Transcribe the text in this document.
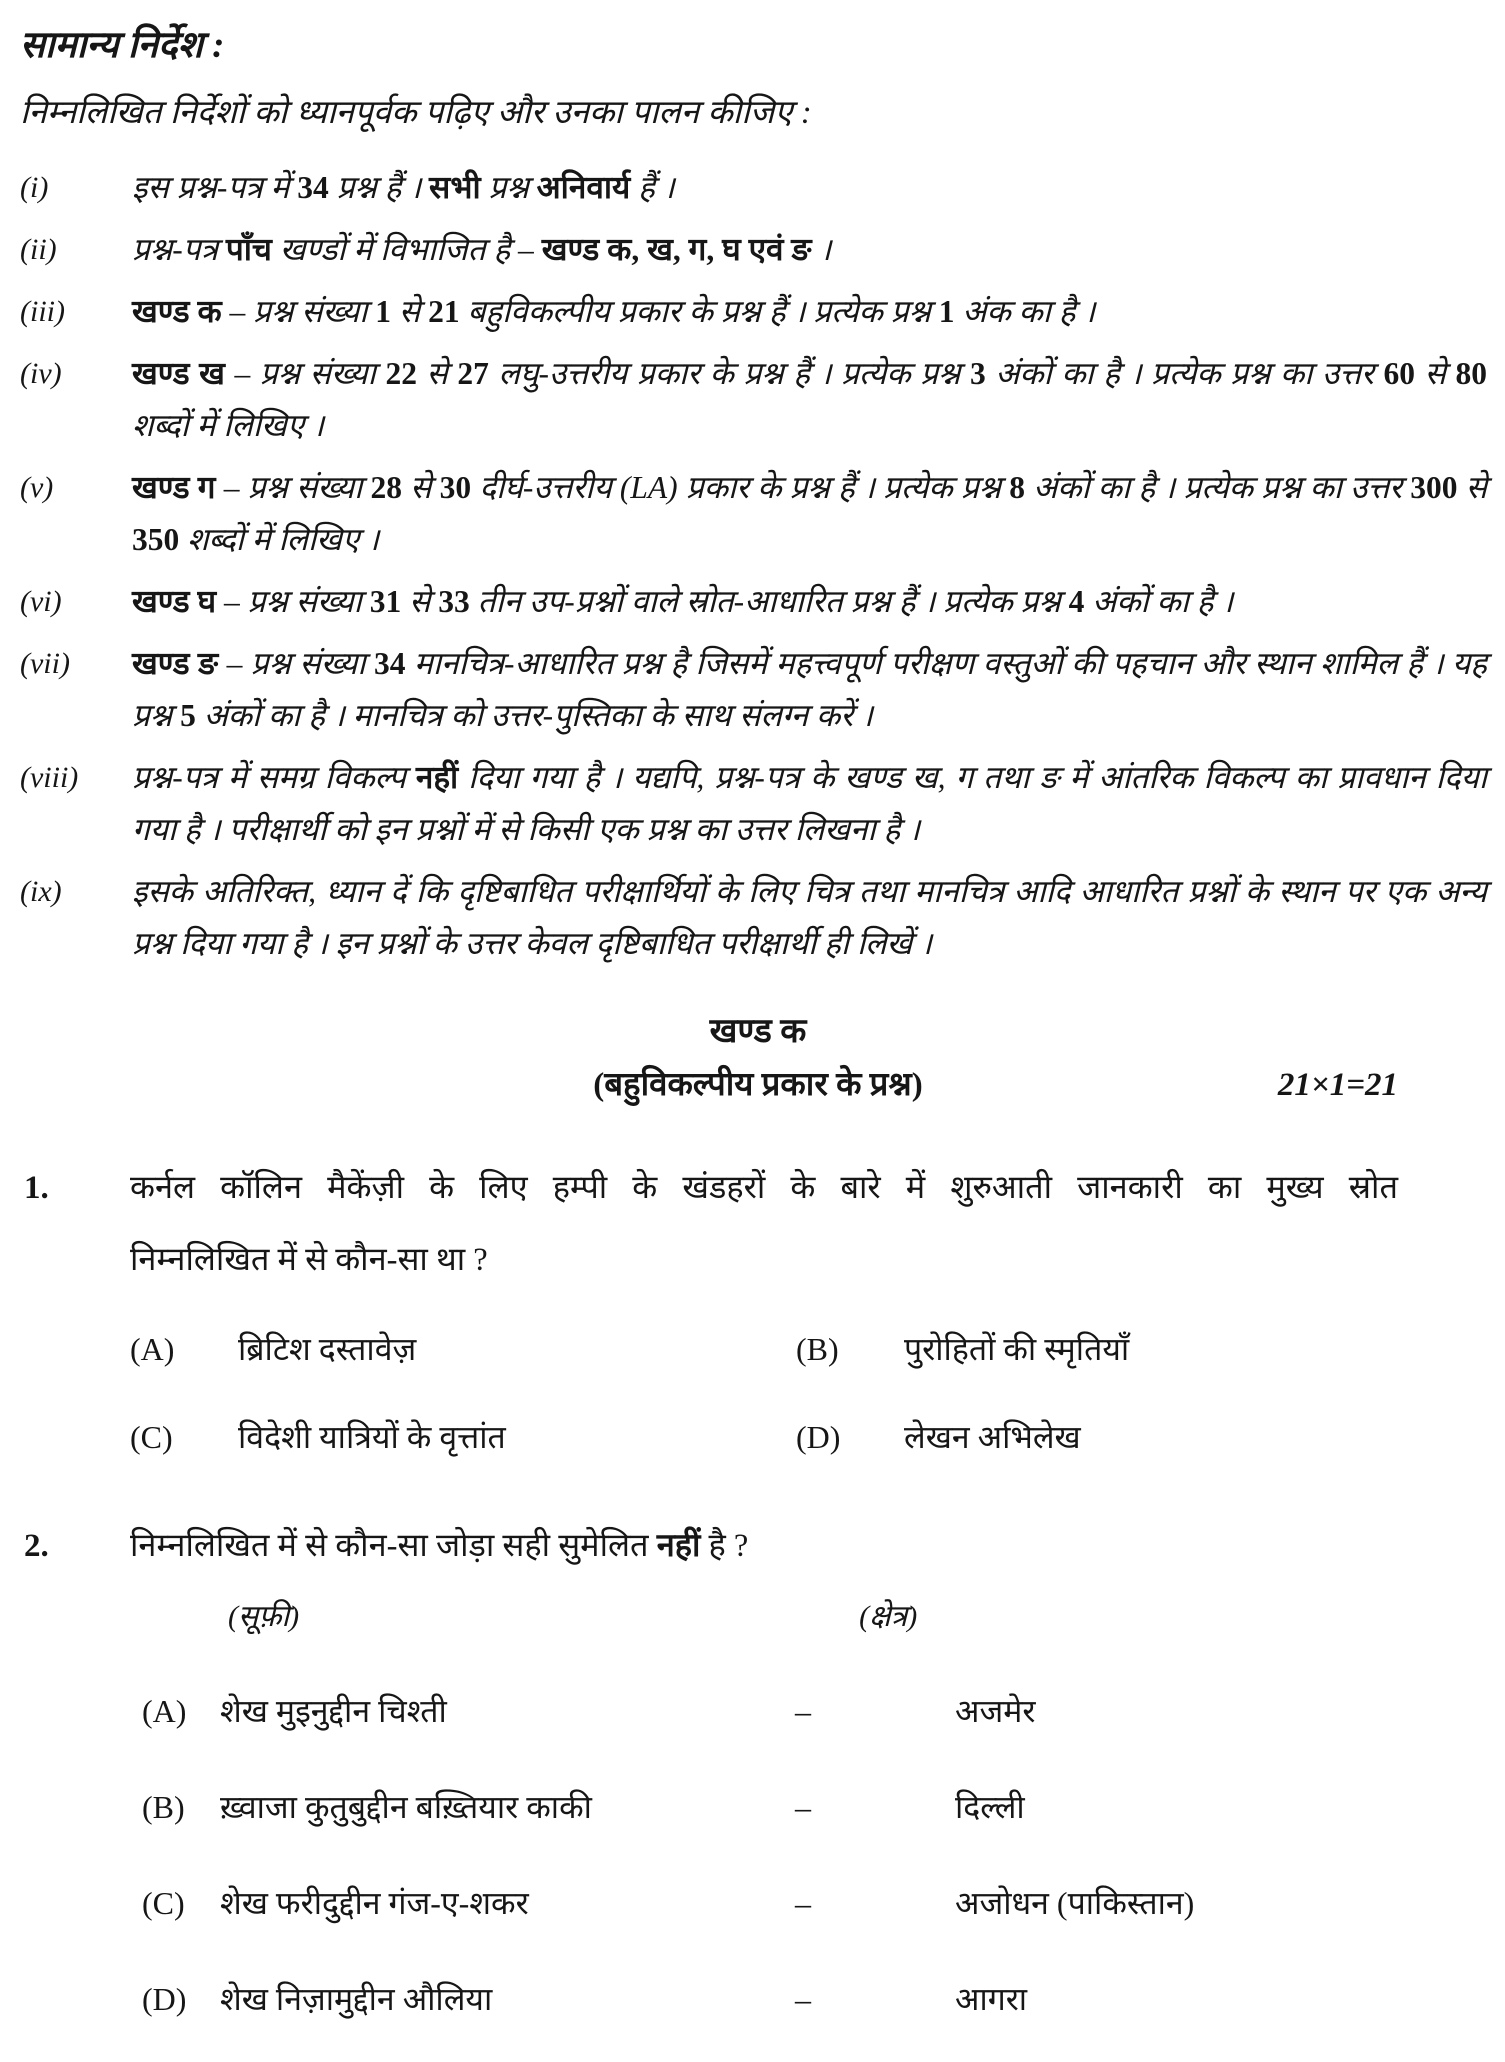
सामान्य निर्देश :
निम्नलिखित निर्देशों को ध्यानपूर्वक पढ़िए और उनका पालन कीजिए :
(i)	इस प्रश्न-पत्र में 34 प्रश्न हैं । सभी प्रश्न अनिवार्य हैं ।
(ii)	प्रश्न-पत्र पाँच खण्डों में विभाजित है – खण्ड क, ख, ग, घ एवं ङ ।
(iii)	खण्ड क – प्रश्न संख्या 1 से 21 बहुविकल्पीय प्रकार के प्रश्न हैं । प्रत्येक प्रश्न 1 अंक का है ।
(iv)	खण्ड ख – प्रश्न संख्या 22 से 27 लघु-उत्तरीय प्रकार के प्रश्न हैं । प्रत्येक प्रश्न 3 अंकों का है । प्रत्येक प्रश्न का उत्तर 60 से 80 शब्दों में लिखिए ।
(v)	खण्ड ग – प्रश्न संख्या 28 से 30 दीर्घ-उत्तरीय (LA) प्रकार के प्रश्न हैं । प्रत्येक प्रश्न 8 अंकों का है । प्रत्येक प्रश्न का उत्तर 300 से 350 शब्दों में लिखिए ।
(vi)	खण्ड घ – प्रश्न संख्या 31 से 33 तीन उप-प्रश्नों वाले स्रोत-आधारित प्रश्न हैं । प्रत्येक प्रश्न 4 अंकों का है ।
(vii)	खण्ड ङ – प्रश्न संख्या 34 मानचित्र-आधारित प्रश्न है जिसमें महत्त्वपूर्ण परीक्षण वस्तुओं की पहचान और स्थान शामिल हैं । यह प्रश्न 5 अंकों का है । मानचित्र को उत्तर-पुस्तिका के साथ संलग्न करें ।
(viii)	प्रश्न-पत्र में समग्र विकल्प नहीं दिया गया है । यद्यपि, प्रश्न-पत्र के खण्ड ख, ग तथा ङ में आंतरिक विकल्प का प्रावधान दिया गया है । परीक्षार्थी को इन प्रश्नों में से किसी एक प्रश्न का उत्तर लिखना है ।
(ix)	इसके अतिरिक्त, ध्यान दें कि दृष्टिबाधित परीक्षार्थियों के लिए चित्र तथा मानचित्र आदि आधारित प्रश्नों के स्थान पर एक अन्य प्रश्न दिया गया है । इन प्रश्नों के उत्तर केवल दृष्टिबाधित परीक्षार्थी ही लिखें ।
खण्ड क
(बहुविकल्पीय प्रकार के प्रश्न)	21×1=21
1.	कर्नल कॉलिन मैकेंज़ी के लिए हम्पी के खंडहरों के बारे में शुरुआती जानकारी का मुख्य स्रोत
निम्नलिखित में से कौन-सा था ?
(A)	ब्रिटिश दस्तावेज़	(B)	पुरोहितों की स्मृतियाँ
(C)	विदेशी यात्रियों के वृत्तांत	(D)	लेखन अभिलेख
2.	निम्नलिखित में से कौन-सा जोड़ा सही सुमेलित नहीं है ?
(सूफ़ी)	(क्षेत्र)
(A)	शेख मुइनुद्दीन चिश्ती	–	अजमेर
(B)	ख़्वाजा कुतुबुद्दीन बख़्तियार काकी	–	दिल्ली
(C)	शेख फरीदुद्दीन गंज-ए-शकर	–	अजोधन (पाकिस्तान)
(D)	शेख निज़ामुद्दीन औलिया	–	आगरा
